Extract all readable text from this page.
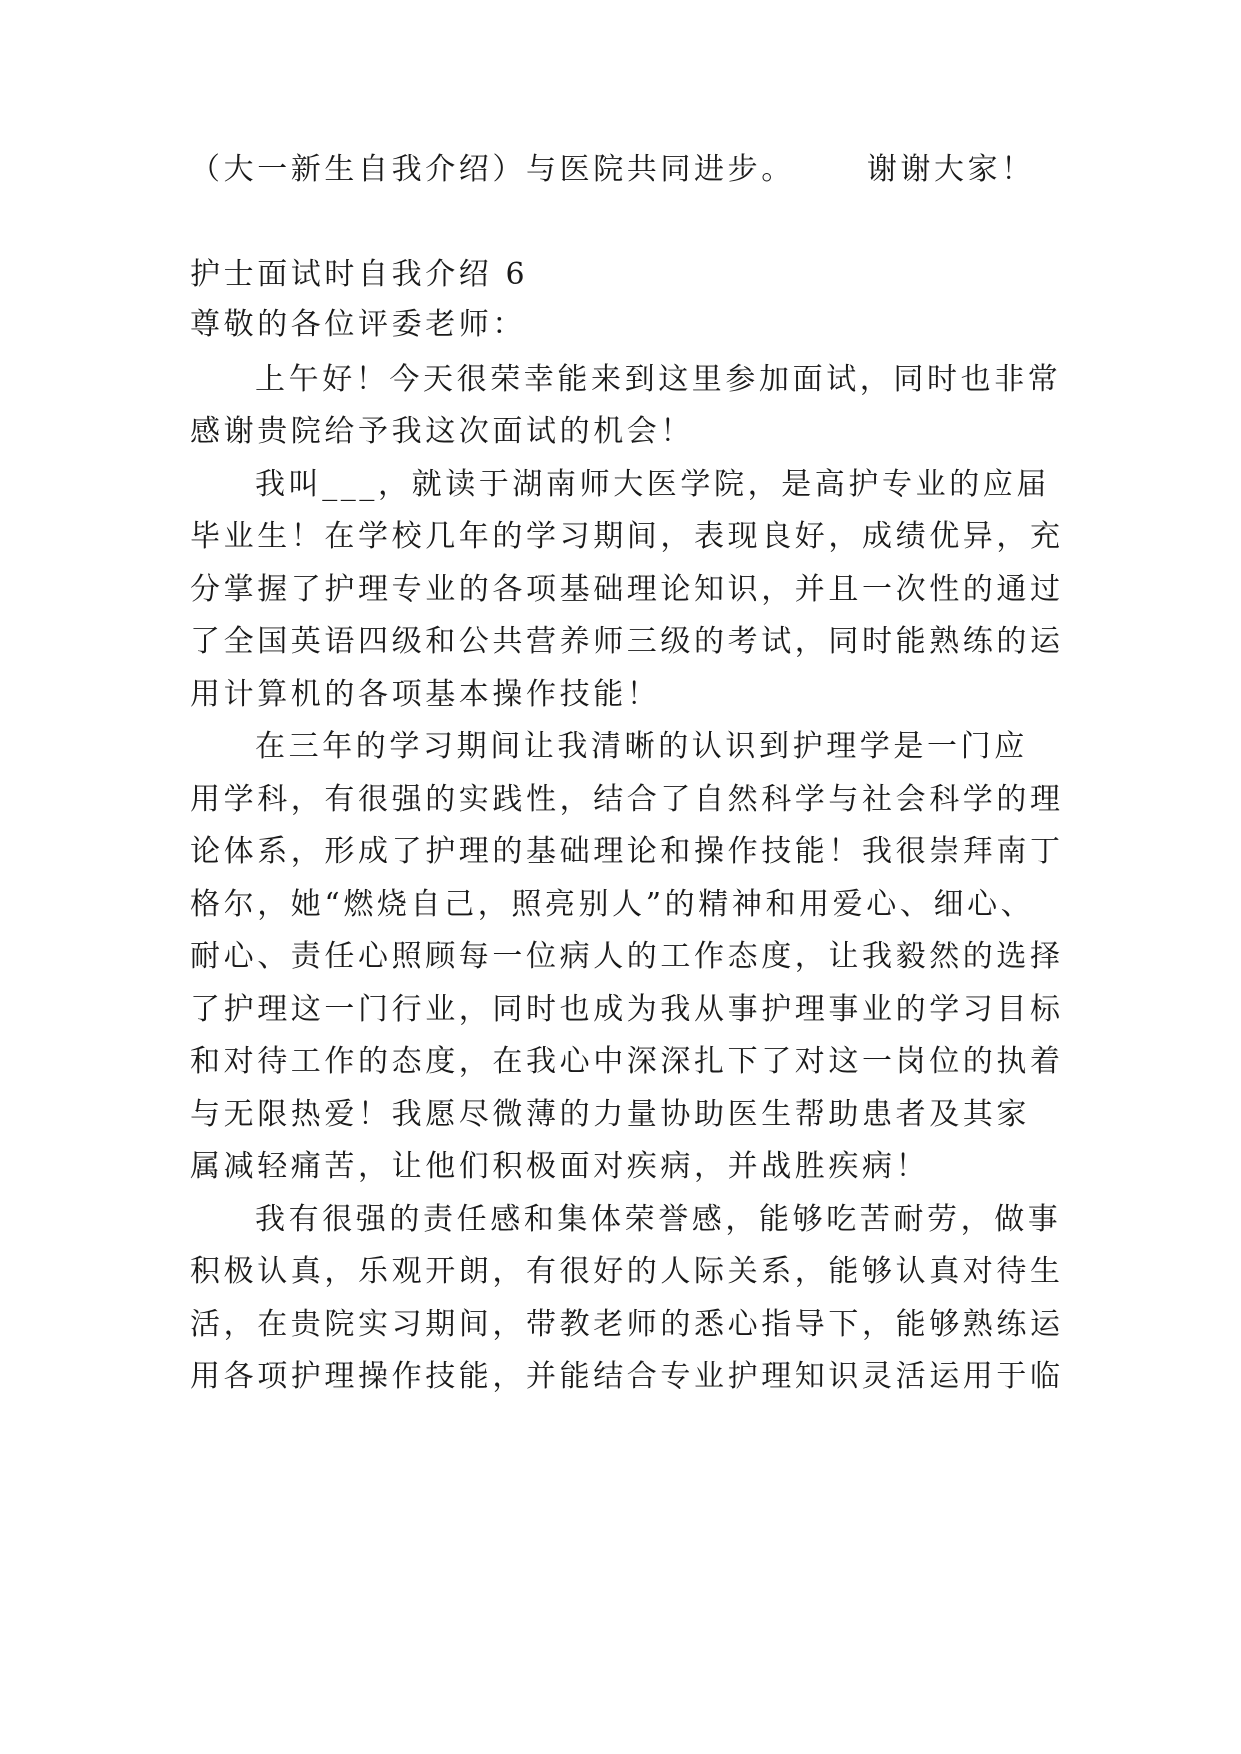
（大一新生自我介绍）与医院共同进步。 谢谢大家！
护士面试时自我介绍 6
尊敬的各位评委老师：
上午好！今天很荣幸能来到这里参加面试，同时也非常
感谢贵院给予我这次面试的机会！
我叫___，就读于湖南师大医学院，是高护专业的应届
毕业生！在学校几年的学习期间，表现良好，成绩优异，充
分掌握了护理专业的各项基础理论知识，并且一次性的通过
了全国英语四级和公共营养师三级的考试，同时能熟练的运
用计算机的各项基本操作技能！
在三年的学习期间让我清晰的认识到护理学是一门应
用学科，有很强的实践性，结合了自然科学与社会科学的理
论体系，形成了护理的基础理论和操作技能！我很崇拜南丁
格尔，她“燃烧自己，照亮别人”的精神和用爱心、细心、
耐心、责任心照顾每一位病人的工作态度，让我毅然的选择
了护理这一门行业，同时也成为我从事护理事业的学习目标
和对待工作的态度，在我心中深深扎下了对这一岗位的执着
与无限热爱！我愿尽微薄的力量协助医生帮助患者及其家
属减轻痛苦，让他们积极面对疾病，并战胜疾病！
我有很强的责任感和集体荣誉感，能够吃苦耐劳，做事
积极认真，乐观开朗，有很好的人际关系，能够认真对待生
活，在贵院实习期间，带教老师的悉心指导下，能够熟练运
用各项护理操作技能，并能结合专业护理知识灵活运用于临
